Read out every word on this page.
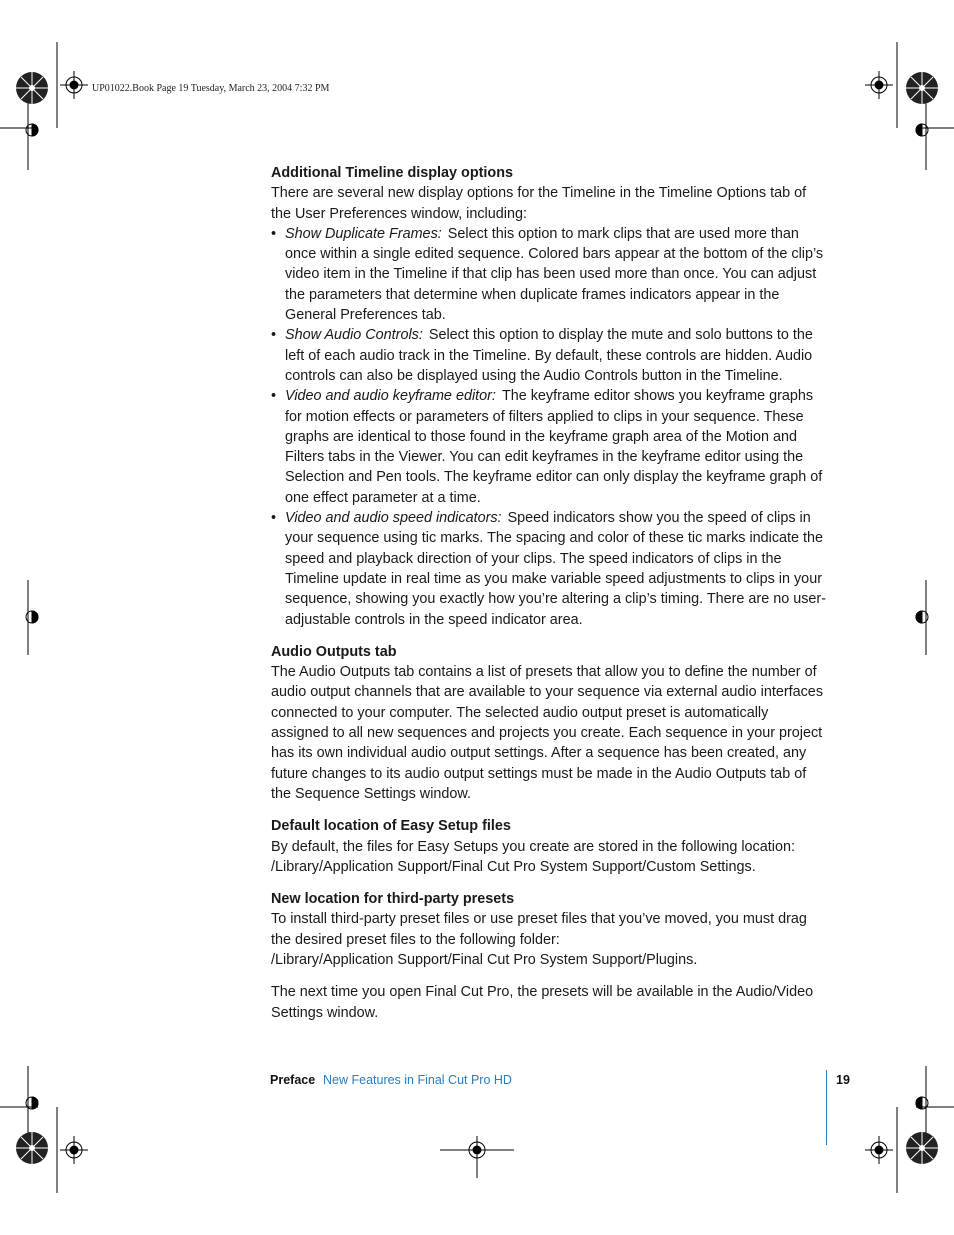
UP01022.Book Page 19 Tuesday, March 23, 2004 7:32 PM
Additional Timeline display options

There are several new display options for the Timeline in the Timeline Options tab of the User Preferences window, including:

• Show Duplicate Frames: Select this option to mark clips that are used more than once within a single edited sequence. Colored bars appear at the bottom of the clip’s video item in the Timeline if that clip has been used more than once. You can adjust the parameters that determine when duplicate frames indicators appear in the General Preferences tab.
• Show Audio Controls: Select this option to display the mute and solo buttons to the left of each audio track in the Timeline. By default, these controls are hidden. Audio controls can also be displayed using the Audio Controls button in the Timeline.
• Video and audio keyframe editor: The keyframe editor shows you keyframe graphs for motion effects or parameters of filters applied to clips in your sequence. These graphs are identical to those found in the keyframe graph area of the Motion and Filters tabs in the Viewer. You can edit keyframes in the keyframe editor using the Selection and Pen tools. The keyframe editor can only display the keyframe graph of one effect parameter at a time.
• Video and audio speed indicators: Speed indicators show you the speed of clips in your sequence using tic marks. The spacing and color of these tic marks indicate the speed and playback direction of your clips. The speed indicators of clips in the Timeline update in real time as you make variable speed adjustments to clips in your sequence, showing you exactly how you’re altering a clip’s timing. There are no user-adjustable controls in the speed indicator area.
Audio Outputs tab

The Audio Outputs tab contains a list of presets that allow you to define the number of audio output channels that are available to your sequence via external audio interfaces connected to your computer. The selected audio output preset is automatically assigned to all new sequences and projects you create. Each sequence in your project has its own individual audio output settings. After a sequence has been created, any future changes to its audio output settings must be made in the Audio Outputs tab of the Sequence Settings window.

Default location of Easy Setup files

By default, the files for Easy Setups you create are stored in the following location:

/Library/Application Support/Final Cut Pro System Support/Custom Settings.

New location for third-party presets

To install third-party preset files or use preset files that you’ve moved, you must drag the desired preset files to the following folder:

/Library/Application Support/Final Cut Pro System Support/Plugins.

The next time you open Final Cut Pro, the presets will be available in the Audio/Video Settings window.

Preface New Features in Final Cut Pro HD	19
